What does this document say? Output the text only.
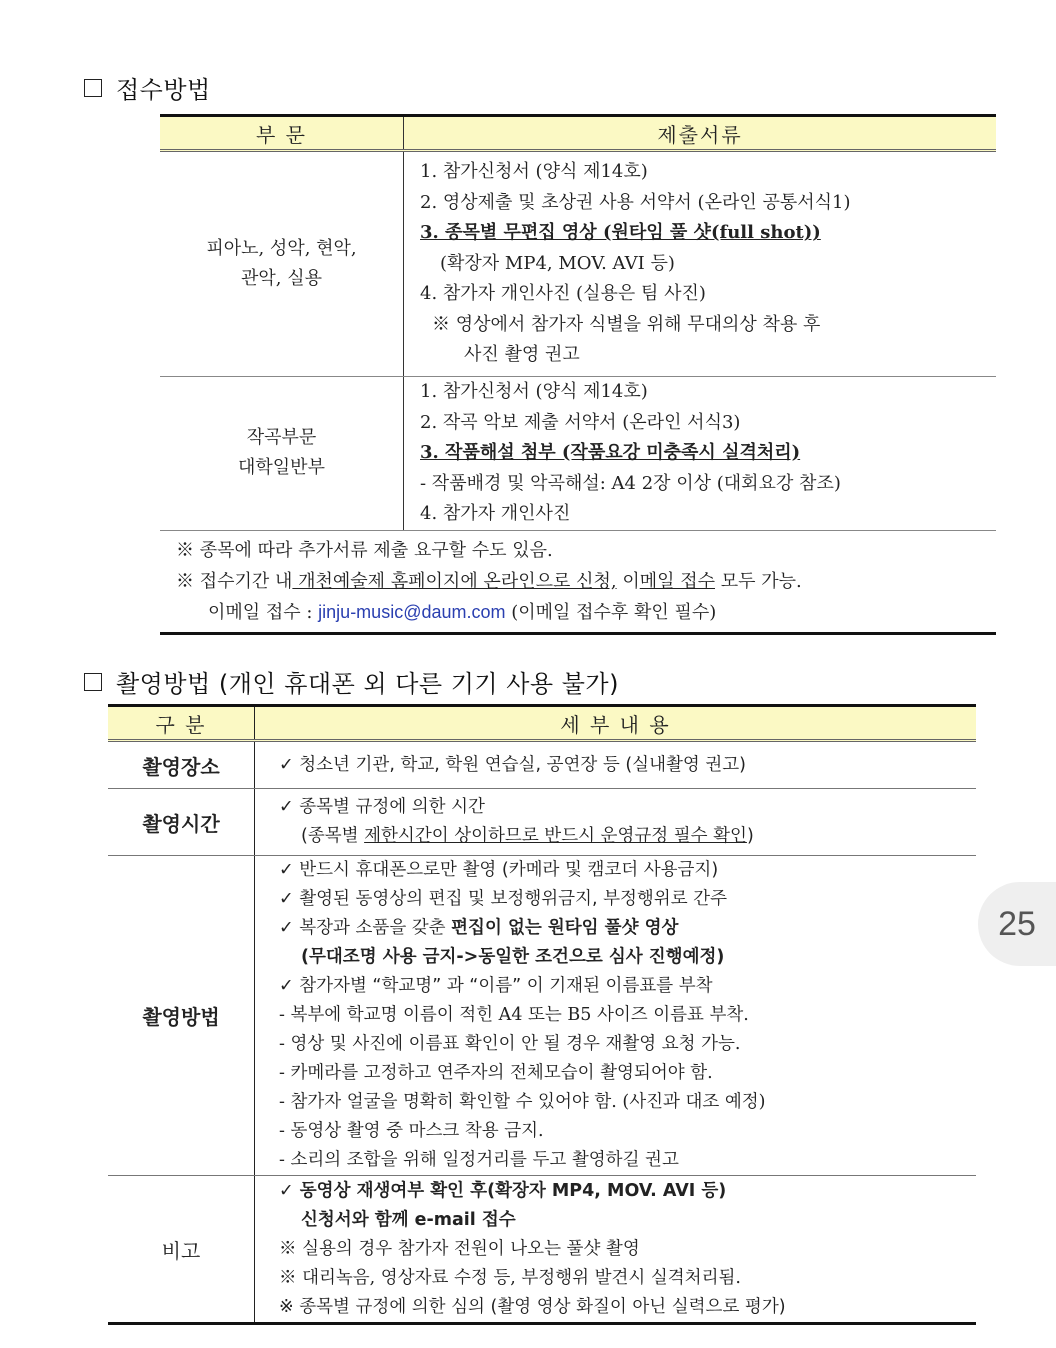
접수방법
부 문	제출서류

피아노, 성악, 현악,
관악, 실용

1. 참가신청서 (양식 제14호)
2. 영상제출 및 초상권 사용 서약서 (온라인 공통서식1)
3. 종목별 무편집 영상 (원타임 풀 샷(full shot))
(확장자 MP4, MOV. AVI 등)
4. 참가자 개인사진 (실용은 팀 사진)
※ 영상에서 참가자 식별을 위해 무대의상 착용 후
사진 촬영 권고

작곡부문
대학일반부

1. 참가신청서 (양식 제14호)
2. 작곡 악보 제출 서약서 (온라인 서식3)
3. 작품해설 첨부 (작품요강 미충족시 실격처리)
- 작품배경 및 악곡해설: A4 2장 이상 (대회요강 참조)
4. 참가자 개인사진

※ 종목에 따라 추가서류 제출 요구할 수도 있음.
※ 접수기간 내 개천예술제 홈페이지에 온라인으로 신청, 이메일 접수 모두 가능.
이메일 접수 : jinju-music@daum.com (이메일 접수후 확인 필수)	
촬영방법 (개인 휴대폰 외 다른 기기 사용 불가)
구 분	세 부 내 용
촬영장소	✓ 청소년 기관, 학교, 학원 연습실, 공연장 등 (실내촬영 권고)

촬영시간	✓ 종목별 규정에 의한 시간
(종목별 제한시간이 상이하므로 반드시 운영규정 필수 확인)

촬영방법	
✓ 반드시 휴대폰으로만 촬영 (카메라 및 캠코더 사용금지)
✓ 촬영된 동영상의 편집 및 보정행위금지, 부정행위로 간주
✓ 복장과 소품을 갖춘 편집이 없는 원타임 풀샷 영상
(무대조명 사용 금지->동일한 조건으로 심사 진행예정)
✓ 참가자별 “학교명” 과 “이름” 이 기재된 이름표를 부착
- 복부에 학교명 이름이 적힌 A4 또는 B5 사이즈 이름표 부착.
- 영상 및 사진에 이름표 확인이 안 될 경우 재촬영 요청 가능.
- 카메라를 고정하고 연주자의 전체모습이 촬영되어야 함.
- 참가자 얼굴을 명확히 확인할 수 있어야 함. (사진과 대조 예정)
- 동영상 촬영 중 마스크 착용 금지.
- 소리의 조합을 위해 일정거리를 두고 촬영하길 권고

비고	✓ 동영상 재생여부 확인 후(확장자 MP4, MOV. AVI 등)
신청서와 함께 e-mail 접수
※ 실용의 경우 참가자 전원이 나오는 풀샷 촬영
※ 대리녹음, 영상자료 수정 등, 부정행위 발견시 실격처리됨.
※ 종목별 규정에 의한 심의 (촬영 영상 화질이 아닌 실력으로 평가)
25
